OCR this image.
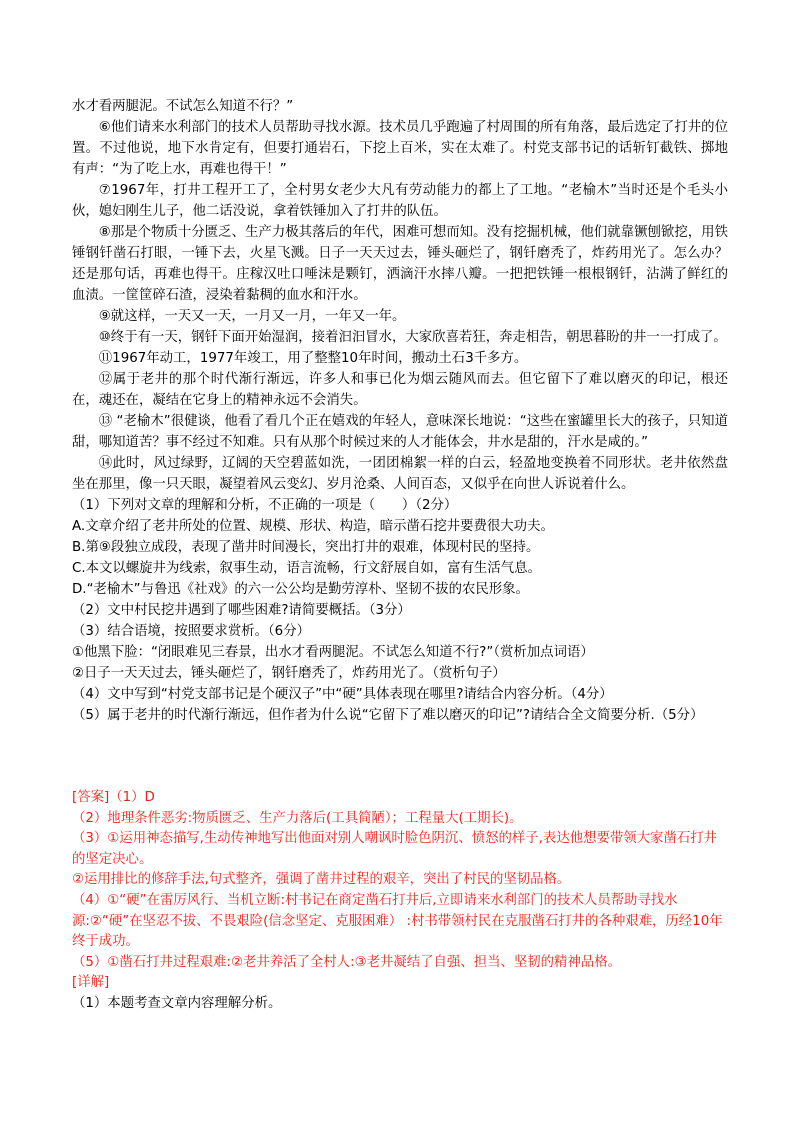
水才看两腿泥。不试怎么知道不行？”

⑥他们请来水利部门的技术人员帮助寻找水源。技术员几乎跑遍了村周围的所有角落，最后选定了打井的位置。不过他说，地下水肯定有，但要打通岩石，下挖上百米，实在太难了。村党支部书记的话斩钉截铁、掷地有声：“为了吃上水，再难也得干！”

⑦1967年，打井工程开工了，全村男女老少大凡有劳动能力的都上了工地。“老榆木”当时还是个毛头小伙，媳妇刚生儿子，他二话没说，拿着铁锤加入了打井的队伍。

⑧那是个物质十分匮乏、生产力极其落后的年代，困难可想而知。没有挖掘机械，他们就靠镢刨锨挖，用铁锤钢钎凿石打眼，一锤下去，火星飞溅。日子一天天过去，锤头砸烂了，钢钎磨秃了，炸药用光了。怎么办？还是那句话，再难也得干。庄稼汉吐口唾沫是颗钉，洒滴汗水摔八瓣。一把把铁锤一根根钢钎，沾满了鲜红的血渍。一筐筐碎石渣，浸染着黏稠的血水和汗水。

⑨就这样，一天又一天，一月又一月，一年又一年。

⑩终于有一天，钢钎下面开始湿润，接着汩汩冒水，大家欣喜若狂，奔走相告，朝思暮盼的井一一打成了。

⑪1967年动工，1977年竣工，用了整整10年时间，搬动土石3千多方。

⑫属于老井的那个时代渐行渐远，许多人和事已化为烟云随风而去。但它留下了难以磨灭的印记，根还在，魂还在，凝结在它身上的精神永远不会消失。

⑬ “老榆木”很健谈，他看了看几个正在嬉戏的年轻人，意味深长地说：“这些在蜜罐里长大的孩子，只知道甜，哪知道苦？事不经过不知难。只有从那个时候过来的人才能体会，井水是甜的，汗水是咸的。”

⑭此时，风过绿野，辽阔的天空碧蓝如洗，一团团棉絮一样的白云，轻盈地变换着不同形状。老井依然盘坐在那里，像一只天眼，凝望着风云变幻、岁月沧桑、人间百态，又似乎在向世人诉说着什么。

（1）下列对文章的理解和分析，不正确的一项是（　　）（2分）

A.文章介绍了老井所处的位置、规模、形状、构造，暗示凿石挖井要费很大功夫。

B.第⑨段独立成段，表现了凿井时间漫长，突出打井的艰难，体现村民的坚持。

C.本文以螺旋井为线索，叙事生动，语言流畅，行文舒展自如，富有生活气息。

D.“老榆木”与鲁迅《社戏》的六一公公均是勤劳淳朴、坚韧不拔的农民形象。

（2）文中村民挖井遇到了哪些困难?请简要概括。（3分）

（3）结合语境，按照要求赏析。（6分）

①他黑下脸：“闭眼难见三春景，出水才看两腿泥。不试怎么知道不行?”（赏析加点词语）

②日子一天天过去，锤头砸烂了，钢钎磨秃了，炸药用光了。（赏析句子）

（4）文中写到“村党支部书记是个硬汉子”中“硬”具体表现在哪里?请结合内容分析。（4分）

（5）属于老井的时代渐行渐远，但作者为什么说“它留下了难以磨灭的印记”?请结合全文简要分析.（5分）

[答案]（1）D

（2）地理条件恶劣:物质匮乏、生产力落后(工具简陋）；工程量大(工期长)。

（3）①运用神态描写,生动传神地写出他面对别人嘲讽时脸色阴沉、愤怒的样子,表达他想要带领大家凿石打井的坚定决心。

②运用排比的修辞手法,句式整齐，强调了凿井过程的艰辛，突出了村民的坚韧品格。

（4）①“硬”在雷厉风行、当机立断:村书记在商定凿石打井后,立即请来水利部门的技术人员帮助寻找水源:②“硬”在坚忍不拔、不畏艰险(信念坚定、克服困难） :村书带领村民在克服凿石打井的各种艰难，历经10年终于成功。

（5）①凿石打井过程艰难:②老井养活了全村人:③老井凝结了自强、担当、坚韧的精神品格。

[详解]

（1）本题考查文章内容理解分析。
